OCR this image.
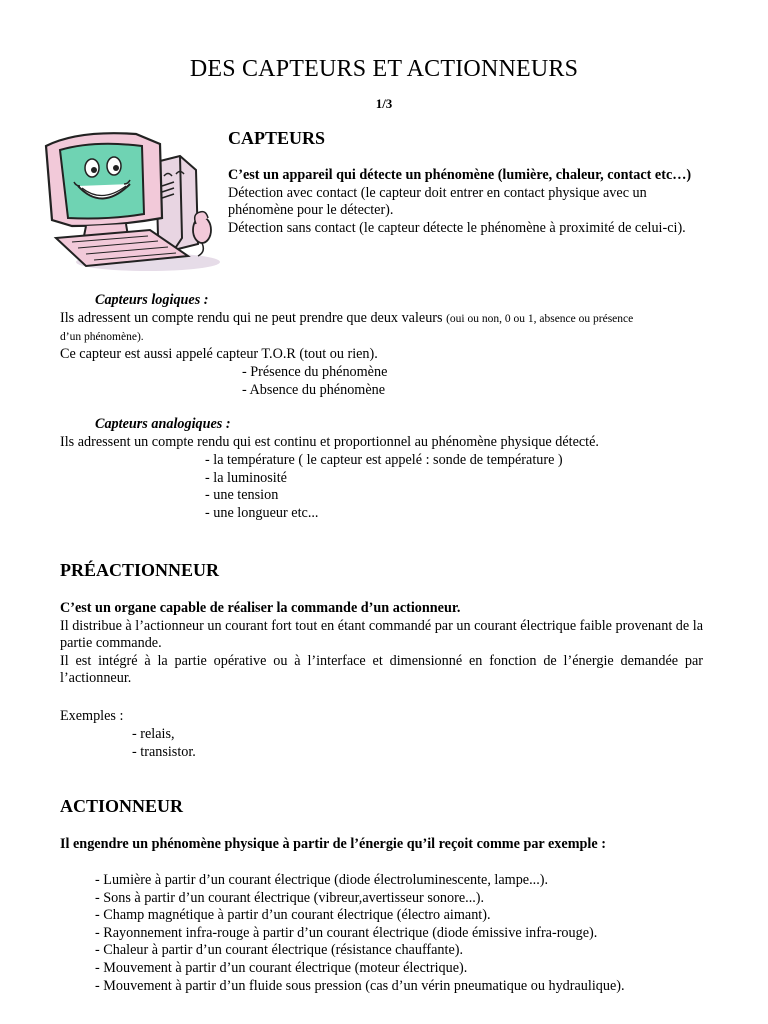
DES CAPTEURS ET ACTIONNEURS
1/3
CAPTEURS
C’est un appareil qui détecte un phénomène (lumière, chaleur, contact etc…)
Détection avec contact (le capteur doit entrer en contact physique avec un phénomène pour le détecter).
Détection sans contact (le capteur détecte le phénomène à proximité de celui-ci).
Capteurs logiques :
Ils adressent un compte rendu qui ne peut prendre que deux valeurs (oui ou non, 0 ou 1, absence ou présence
d’un phénomène).
Ce capteur est aussi appelé capteur T.O.R (tout ou rien).
- Présence du phénomène
- Absence du phénomène
Capteurs analogiques :
Ils adressent un compte rendu qui est continu et proportionnel au phénomène physique détecté.
- la température ( le capteur est appelé : sonde de température )
- la luminosité
- une tension
- une longueur etc...
PRÉACTIONNEUR
C’est un organe capable de réaliser la commande d’un actionneur.
Il distribue à l’actionneur un courant fort tout en étant commandé par un courant électrique faible provenant de la partie commande.
Il est intégré à la partie opérative ou à l’interface et dimensionné en fonction de l’énergie demandée par l’actionneur.
Exemples :
- relais,
- transistor.
ACTIONNEUR
Il engendre un phénomène physique à partir de l’énergie qu’il reçoit comme par exemple :
- Lumière à partir d’un courant électrique (diode électroluminescente, lampe...).
- Sons à partir d’un courant électrique (vibreur,avertisseur sonore...).
- Champ magnétique à partir d’un courant électrique (électro aimant).
- Rayonnement infra-rouge à partir d’un courant électrique (diode émissive infra-rouge).
- Chaleur à partir d’un courant électrique (résistance chauffante).
- Mouvement à partir d’un courant électrique (moteur électrique).
- Mouvement à partir d’un fluide sous pression (cas d’un vérin pneumatique ou hydraulique).
